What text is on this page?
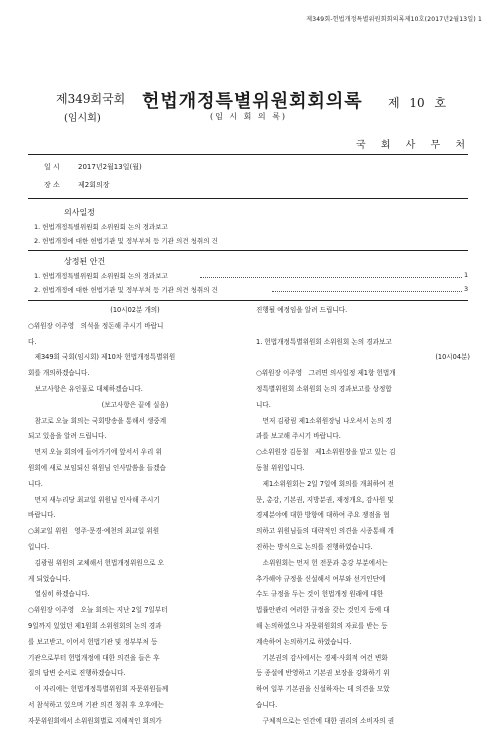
제349회-헌법개정특별위원회회의록제10호(2017년2월13일) 1
제349회국회
(임시회)
헌법개정특별위원회회의록
(임 시 회 의 록)
제 10 호
국 회 사 무 처
일 시	2017년2월13일(월)
장 소	제2회의장
의사일정
1. 헌법개정특별위원회 소위원회 논의 경과보고
2. 헌법개정에 대한 헌법기관 및 정부부처 등 기관 의견 청취의 건
상정된 안건
1. 헌법개정특별위원회 소위원회 논의 경과보고	1
2. 헌법개정에 대한 헌법기관 및 정부부처 등 기관 의견 청취의 건	3
(10시02분 개의)
○위원장 이주영　의석을 정돈해 주시기 바랍니
다.
　제349회 국회(임시회) 제10차 헌법개정특별위원
회를 개의하겠습니다.
　보고사항은 유인물로 대체하겠습니다.
(보고사항은 끝에 실음)
　참고로 오늘 회의는 국회방송을 통해서 생중계
되고 있음을 알려 드립니다.
　먼저 오늘 회의에 들어가기에 앞서서 우리 위
원회에 새로 보임되신 위원님 인사말씀을 들겠습
니다.
　먼저 새누리당 최교일 위원님 인사해 주시기
바랍니다.
○최교일 위원　영주·문경·예천의 최교일 위원
입니다.
　김광림 위원의 교체해서 헌법개정위원으로 오
게 되었습니다.
　열심히 하겠습니다.
○위원장 이주영　오늘 회의는 지난 2일 7일부터
9일까지 있었던 제1원회 소위원회의 논의 경과
를 보고받고, 이어서 헌법기관 및 정부부처 등
기관으로부터 헌법개정에 대한 의견을 들은 후
질의 답변 순서로 진행하겠습니다.
　이 자리에는 헌법개정특별위원회 자문위원들께
서 참석하고 있으며 기관 의견 청취 후 오후에는
자문위원회에서 소위원회별로 지해적인 회의가
진행될 예정임을 알려 드립니다.
1. 헌법개정특별위원회 소위원회 논의 경과보고
(10시04분)
○위원장 이주영　그러면 의사일정 제1항 헌법개
정특별위원회 소위원회 논의 경과보고를 상정합
니다.
　먼저 김광림 제1소위원장님 나오셔서 논의 경
과를 보고해 주시기 바랍니다.
○소위원장 김동철　제1소위원장을 맡고 있는 김
동철 위원입니다.
　제1소위원회는 2일 7일에 회의를 개최하여 전
문, 총강, 기본권, 지방분권, 재정개요, 감사원 및
경제분야에 대한 방향에 대하여 주요 쟁점을 협
의하고 위원님들의 대략적인 의견을 시종통해 개
진하는 방식으로 논의를 진행하였습니다.
　소위원회는 먼저 헌 전문과 총강 부분에서는
추가해야 규정을 신설해서 여부와 선거인단에
수도 규정을 두는 것이 헌법개정 원래에 대한
법률안관리 여러한 규정을 갖는 것인지 등에 대
해 논의하였으나 자문위원회의 자료를 받는 등
계속하여 논의하기로 하였습니다.
　기본권의 감사에서는 경제·사회적 여건 변화
등 종설에 반영하고 기본권 보장을 강화하기 위
하여 일부 기본권을 신설하자는 데 의견을 모았
습니다.
　구체적으로는 인간에 대한 권리의 소비자의 권
